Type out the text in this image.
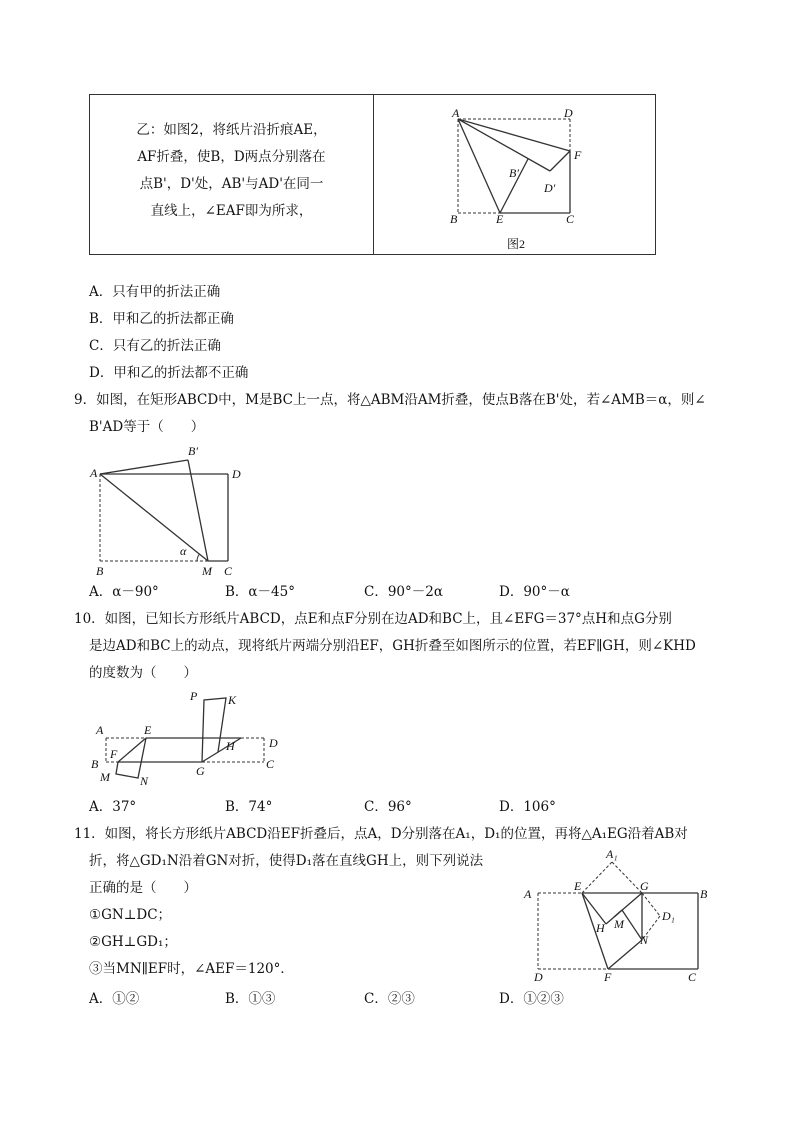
乙：如图2，将纸片沿折痕AE，
AF折叠，使B，D两点分别落在
点B'，D'处，AB'与AD'在同一
直线上，∠EAF即为所求，
A	D
F
B′
D′
B	E	C
图2
A．只有甲的折法正确
B．甲和乙的折法都正确
C．只有乙的折法正确
D．甲和乙的折法都不正确
9．如图，在矩形ABCD中，M是BC上一点，将△ABM沿AM折叠，使点B落在B'处，若∠AMB＝α，则∠
B'AD等于（　　）
A
B′
D
α
B	M C
A．α－90°	B．α－45°	C．90°－2α	D．90°－α
10．如图，已知长方形纸片ABCD，点E和点F分别在边AD和BC上，且∠EFG＝37°点H和点G分别
是边AD和BC上的动点，现将纸片两端分别沿EF，GH折叠至如图所示的位置，若EF∥GH，则∠KHD
的度数为（　　）
P	K
A	E
D
F
H
B	G	C
M	N
A．37°	B．74°	C．96°	D．106°
11．如图，将长方形纸片ABCD沿EF折叠后，点A，D分别落在A₁，D₁的位置，再将△A₁EG沿着AB对
折，将△GD₁N沿着GN对折，使得D₁落在直线GH上，则下列说法
正确的是（　　）
①GN⊥DC；
②GH⊥GD₁；
③当MN∥EF时，∠AEF＝120°．
A₁
A
E	G
B
D₁
H M
N
D	F	C
A．①②	B．①③	C．②③	D．①②③
